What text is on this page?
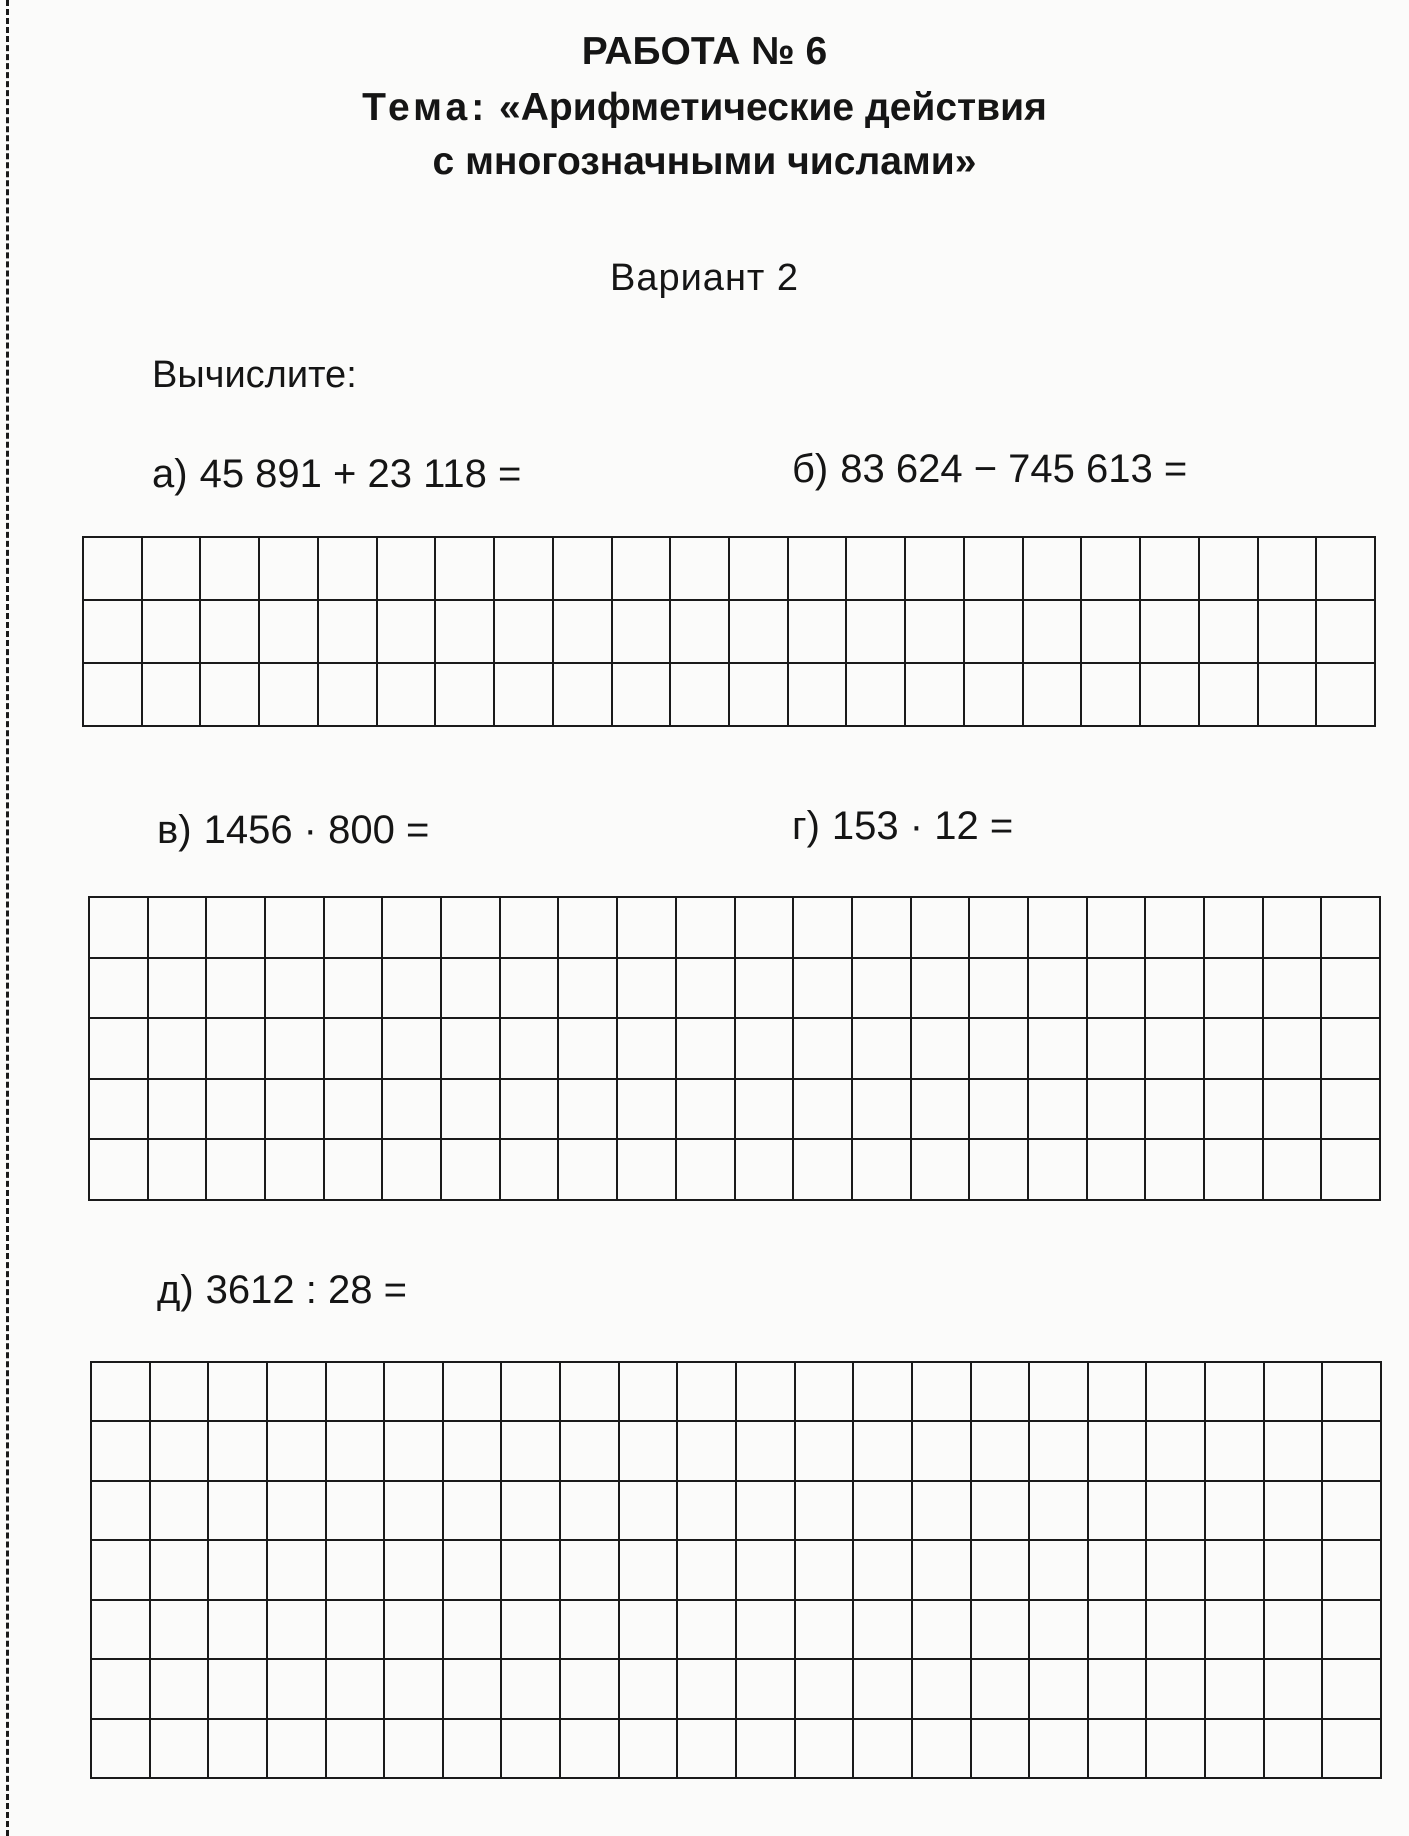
РАБОТА № 6
Тема: «Арифметические действия
с многозначными числами»
Вариант 2
Вычислите:
а) 45 891 + 23 118 =	б) 83 624 − 745 613 =
в) 1456 · 800 =	г) 153 · 12 =
д) 3612 : 28 =
